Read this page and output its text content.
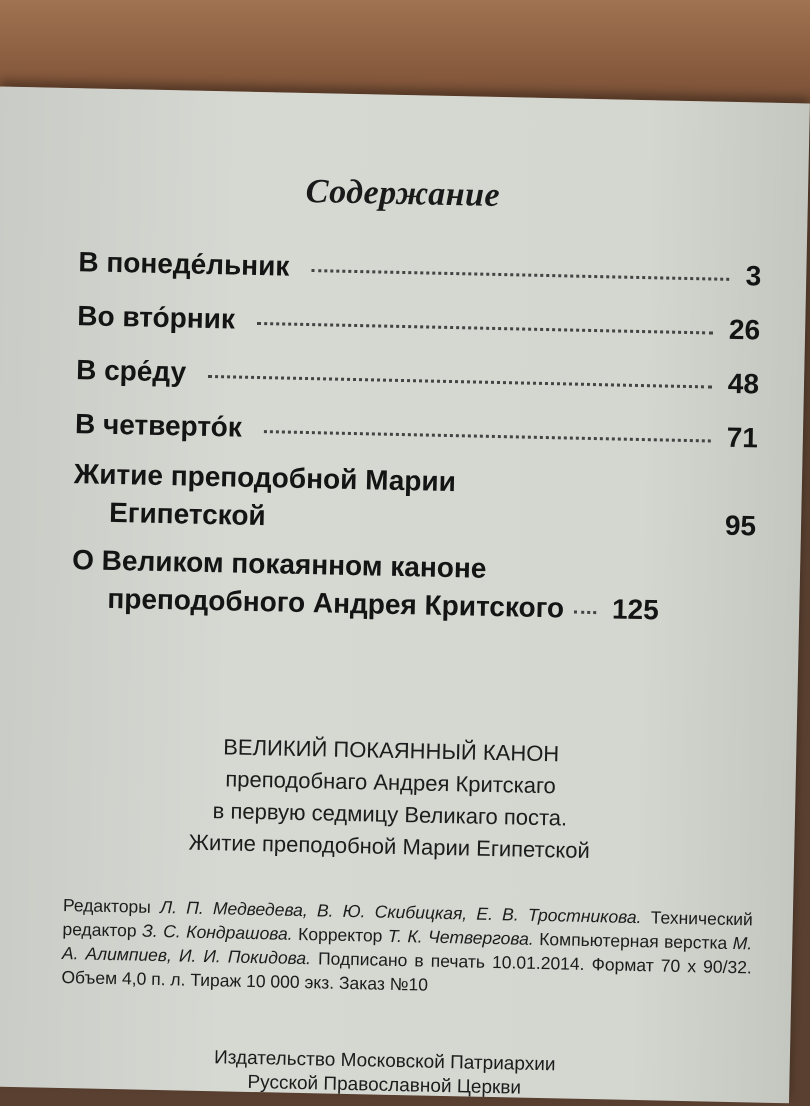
Содержание
В понеде́льник	3
Во вто́рник	26
В сре́ду	48
В четверто́к	71
Житие преподобной Марии
Египетской	95
О Великом покаянном каноне
преподобного Андрея Критского 125
ВЕЛИКИЙ ПОКАЯННЫЙ КАНОН
преподобнаго Андрея Критскаго
в первую седмицу Великаго поста.
Житие преподобной Марии Египетской
Редакторы Л. П. Медведева, В. Ю. Скибицкая, Е. В. Тростникова. Технический редактор З. С. Кондрашова. Корректор Т. К. Четвергова. Компьютерная верстка М. А. Алимпиев, И. И. Покидова. Подписано в печать 10.01.2014. Формат 70 х 90/32. Объем 4,0 п. л. Тираж 10 000 экз. Заказ №10
Издательство Московской Патриархии
Русской Православной Церкви
